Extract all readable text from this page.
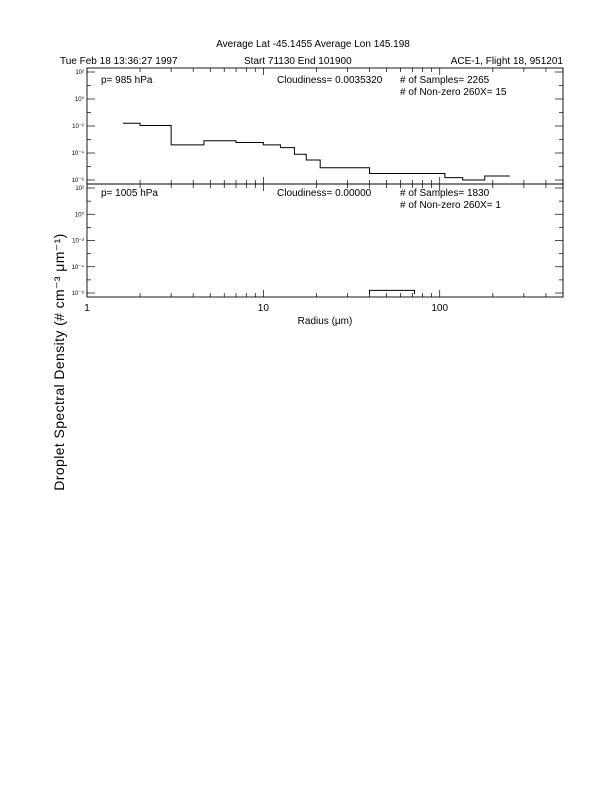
Average Lat -45.1455 Average Lon 145.198
Tue Feb 18 13:36:27 1997	Start 71130 End 101900	ACE-1, Flight 18, 951201
10²
10⁰
10⁻²
10⁻⁴
10⁻⁶
p= 985 hPa	Cloudiness= 0.0035320 # of Samples= 2265
# of Non-zero 260X= 15
10²
10⁰
10⁻²
10⁻⁴
10⁻⁶
p= 1005 hPa	Cloudiness= 0.00000	# of Samples= 1830
# of Non-zero 260X= 1
1	10	100
Radius (μm)
Droplet Spectral Density (# cm⁻³ μm⁻¹)
